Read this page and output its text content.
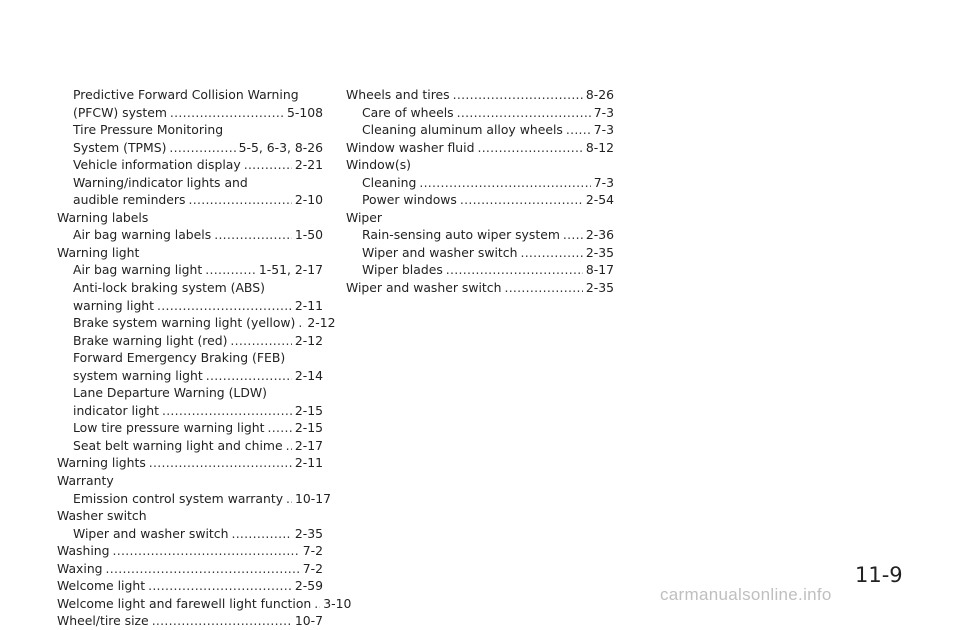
Predictive Forward Collision Warning
(PFCW) system .....	5-108
Tire Pressure Monitoring
System (TPMS) .....	5-5, 6-3, 8-26
Vehicle information display .....	2-21
Warning/indicator lights and
audible reminders .....	2-10
Warning labels
Air bag warning labels .....	1-50
Warning light
Air bag warning light .....	1-51, 2-17
Anti-lock braking system (ABS)
warning light .....	2-11
Brake system warning light (yellow) ..... 2-12
Brake warning light (red) .....	2-12
Forward Emergency Braking (FEB)
system warning light .....	2-14
Lane Departure Warning (LDW)
indicator light .....	2-15
Low tire pressure warning light ..... 2-15
Seat belt warning light and chime ..... 2-17
Warning lights .....	2-11
Warranty
Emission control system warranty ..... 10-17
Washer switch
Wiper and washer switch .....	2-35
Washing .....	7-2
Waxing .....	7-2
Welcome light .....	2-59
Welcome light and farewell light function ..... 3-10
Wheel/tire size .....	10-7
Wheels and tires .....	8-26
Care of wheels .....	7-3
Cleaning aluminum alloy wheels ..... 7-3
Window washer fluid .....	8-12
Window(s)
Cleaning .....	7-3
Power windows .....	2-54
Wiper
Rain-sensing auto wiper system ..... 2-36
Wiper and washer switch .....	2-35
Wiper blades .....	8-17
Wiper and washer switch .....	2-35
11-9
carmanualsonline.info
